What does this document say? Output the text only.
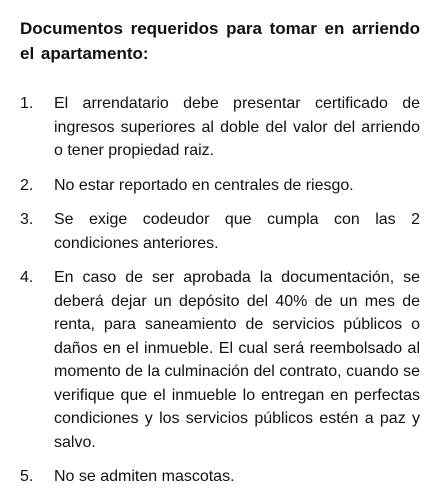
Documentos requeridos para tomar en arriendo el apartamento:
1.	El arrendatario debe presentar certificado de ingresos superiores al doble del valor del arriendo o tener propiedad raiz.
2.	No estar reportado en centrales de riesgo.
3.	Se exige codeudor que cumpla con las 2 condiciones anteriores.
4.	En caso de ser aprobada la documentación, se deberá dejar un depósito del 40% de un mes de renta, para saneamiento de servicios públicos o daños en el inmueble. El cual será reembolsado al momento de la culminación del contrato, cuando se verifique que el inmueble lo entregan en perfectas condiciones y los servicios públicos estén a paz y salvo.
5.	No se admiten mascotas.
